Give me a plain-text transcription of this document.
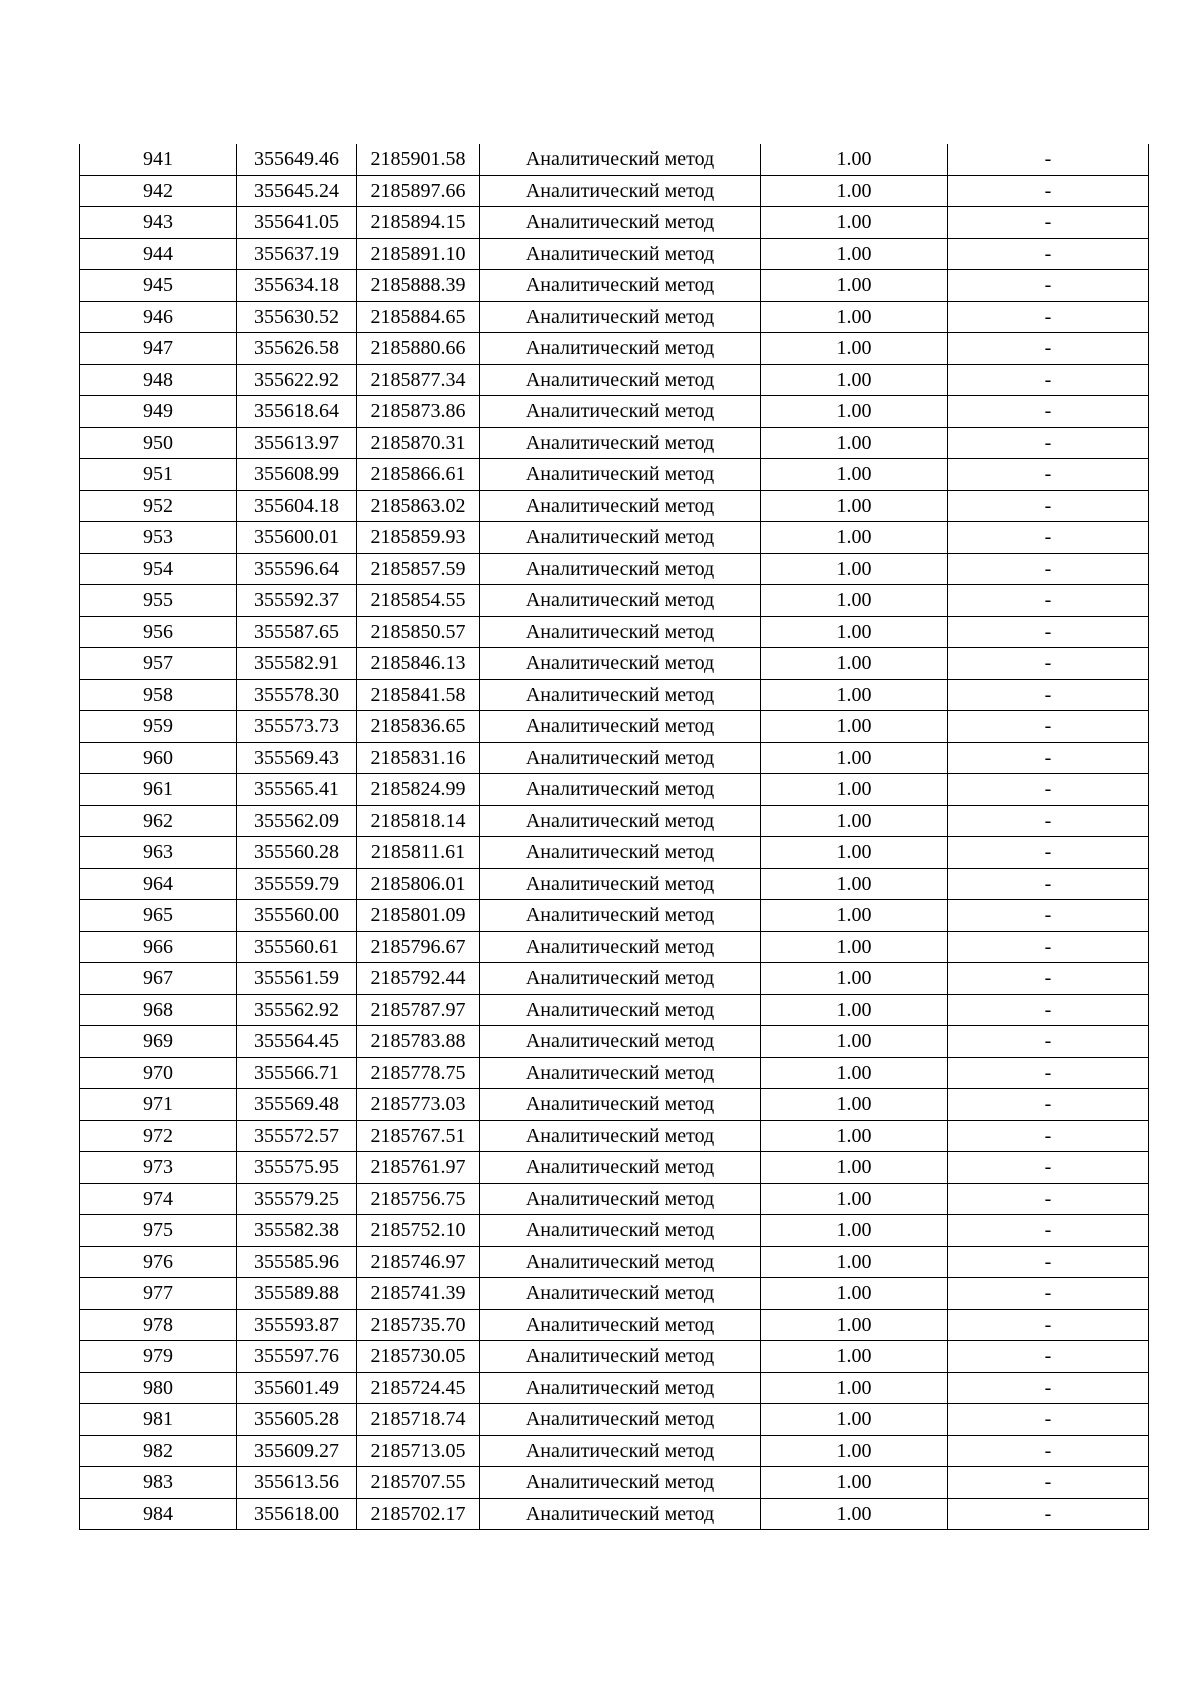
941	355649.46	2185901.58	Аналитический метод	1.00	-
942	355645.24	2185897.66	Аналитический метод	1.00	-
943	355641.05	2185894.15	Аналитический метод	1.00	-
944	355637.19	2185891.10	Аналитический метод	1.00	-
945	355634.18	2185888.39	Аналитический метод	1.00	-
946	355630.52	2185884.65	Аналитический метод	1.00	-
947	355626.58	2185880.66	Аналитический метод	1.00	-
948	355622.92	2185877.34	Аналитический метод	1.00	-
949	355618.64	2185873.86	Аналитический метод	1.00	-
950	355613.97	2185870.31	Аналитический метод	1.00	-
951	355608.99	2185866.61	Аналитический метод	1.00	-
952	355604.18	2185863.02	Аналитический метод	1.00	-
953	355600.01	2185859.93	Аналитический метод	1.00	-
954	355596.64	2185857.59	Аналитический метод	1.00	-
955	355592.37	2185854.55	Аналитический метод	1.00	-
956	355587.65	2185850.57	Аналитический метод	1.00	-
957	355582.91	2185846.13	Аналитический метод	1.00	-
958	355578.30	2185841.58	Аналитический метод	1.00	-
959	355573.73	2185836.65	Аналитический метод	1.00	-
960	355569.43	2185831.16	Аналитический метод	1.00	-
961	355565.41	2185824.99	Аналитический метод	1.00	-
962	355562.09	2185818.14	Аналитический метод	1.00	-
963	355560.28	2185811.61	Аналитический метод	1.00	-
964	355559.79	2185806.01	Аналитический метод	1.00	-
965	355560.00	2185801.09	Аналитический метод	1.00	-
966	355560.61	2185796.67	Аналитический метод	1.00	-
967	355561.59	2185792.44	Аналитический метод	1.00	-
968	355562.92	2185787.97	Аналитический метод	1.00	-
969	355564.45	2185783.88	Аналитический метод	1.00	-
970	355566.71	2185778.75	Аналитический метод	1.00	-
971	355569.48	2185773.03	Аналитический метод	1.00	-
972	355572.57	2185767.51	Аналитический метод	1.00	-
973	355575.95	2185761.97	Аналитический метод	1.00	-
974	355579.25	2185756.75	Аналитический метод	1.00	-
975	355582.38	2185752.10	Аналитический метод	1.00	-
976	355585.96	2185746.97	Аналитический метод	1.00	-
977	355589.88	2185741.39	Аналитический метод	1.00	-
978	355593.87	2185735.70	Аналитический метод	1.00	-
979	355597.76	2185730.05	Аналитический метод	1.00	-
980	355601.49	2185724.45	Аналитический метод	1.00	-
981	355605.28	2185718.74	Аналитический метод	1.00	-
982	355609.27	2185713.05	Аналитический метод	1.00	-
983	355613.56	2185707.55	Аналитический метод	1.00	-
984	355618.00	2185702.17	Аналитический метод	1.00	-
